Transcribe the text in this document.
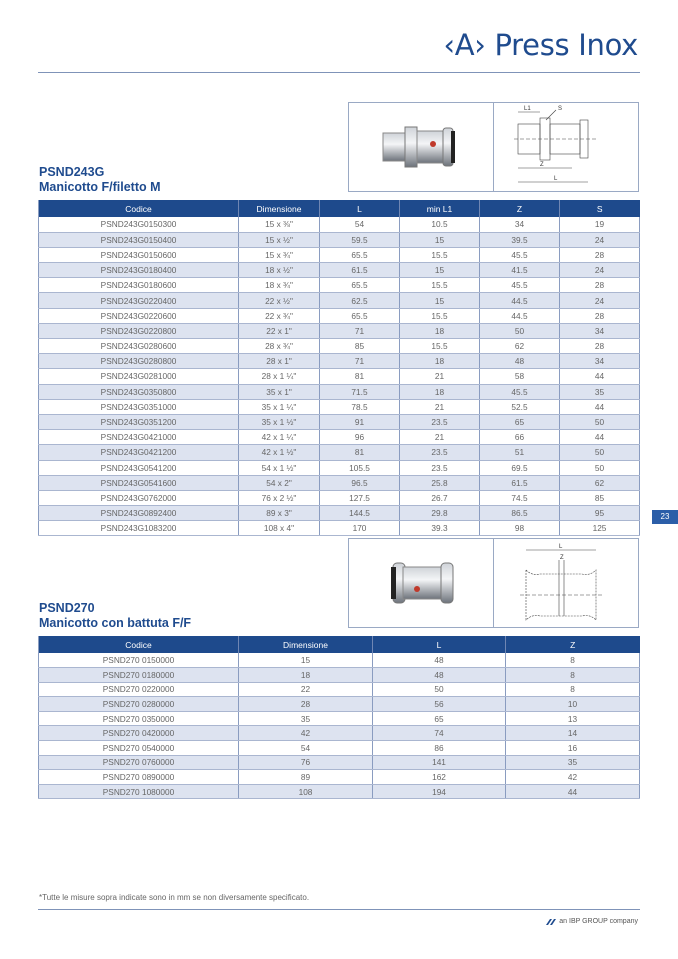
‹A› Press Inox
L1	S
Z
L
PSND243G
Manicotto F/filetto M
Codice	Dimensione	L	min L1	Z	S
PSND243G0150300	15 x ⅜"	54	10.5	34	19
PSND243G0150400	15 x ½"	59.5	15	39.5	24
PSND243G0150600	15 x ¾"	65.5	15.5	45.5	28
PSND243G0180400	18 x ½"	61.5	15	41.5	24
PSND243G0180600	18 x ¾"	65.5	15.5	45.5	28
PSND243G0220400	22 x ½"	62.5	15	44.5	24
PSND243G0220600	22 x ¾"	65.5	15.5	44.5	28
PSND243G0220800	22 x 1"	71	18	50	34
PSND243G0280600	28 x ¾"	85	15.5	62	28
PSND243G0280800	28 x 1"	71	18	48	34
PSND243G0281000	28 x 1 ¼"	81	21	58	44
PSND243G0350800	35 x 1"	71.5	18	45.5	35
PSND243G0351000	35 x 1 ¼"	78.5	21	52.5	44
PSND243G0351200	35 x 1 ½"	91	23.5	65	50
PSND243G0421000	42 x 1 ¼"	96	21	66	44
PSND243G0421200	42 x 1 ½"	81	23.5	51	50
PSND243G0541200	54 x 1 ½"	105.5	23.5	69.5	50
PSND243G0541600	54 x 2"	96.5	25.8	61.5	62
PSND243G0762000	76 x 2 ½"	127.5	26.7	74.5	85
PSND243G0892400	89 x 3"	144.5	29.8	86.5	95
PSND243G1083200	108 x 4"	170	39.3	98	125
23
L
Z
PSND270
Manicotto con battuta F/F
Codice	Dimensione	L	Z
PSND270 0150000	15	48	8
PSND270 0180000	18	48	8
PSND270 0220000	22	50	8
PSND270 0280000	28	56	10
PSND270 0350000	35	65	13
PSND270 0420000	42	74	14
PSND270 0540000	54	86	16
PSND270 0760000	76	141	35
PSND270 0890000	89	162	42
PSND270 1080000	108	194	44
*Tutte le misure sopra indicate sono in mm se non diversamente specificato.
an IBP GROUP company
